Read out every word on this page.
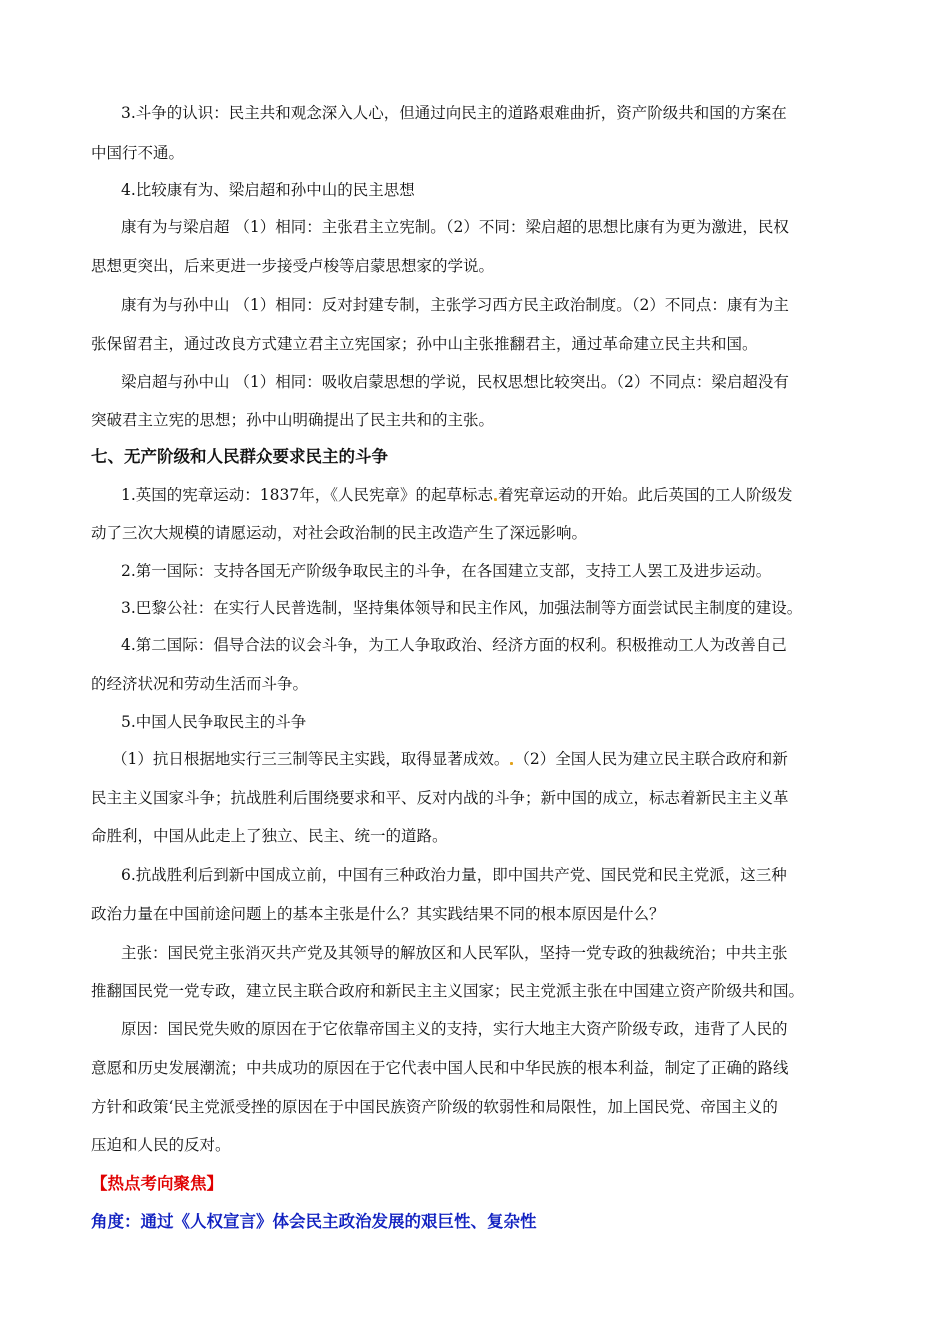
3.斗争的认识：民主共和观念深入人心，但通过向民主的道路艰难曲折，资产阶级共和国的方案在
中国行不通。
4.比较康有为、梁启超和孙中山的民主思想
康有为与梁启超 （1）相同：主张君主立宪制。（2）不同：梁启超的思想比康有为更为激进，民权
思想更突出，后来更进一步接受卢梭等启蒙思想家的学说。
康有为与孙中山 （1）相同：反对封建专制，主张学习西方民主政治制度。（2）不同点：康有为主
张保留君主，通过改良方式建立君主立宪国家；孙中山主张推翻君主，通过革命建立民主共和国。
梁启超与孙中山 （1）相同：吸收启蒙思想的学说，民权思想比较突出。（2）不同点：梁启超没有
突破君主立宪的思想；孙中山明确提出了民主共和的主张。
七、无产阶级和人民群众要求民主的斗争
1.英国的宪章运动：1837年，《人民宪章》的起草标志 着宪章运动的开始。此后英国的工人阶级发
动了三次大规模的请愿运动，对社会政治制的民主改造产生了深远影响。
2.第一国际：支持各国无产阶级争取民主的斗争，在各国建立支部，支持工人罢工及进步运动。
3.巴黎公社：在实行人民普选制，坚持集体领导和民主作风，加强法制等方面尝试民主制度的建设。
4.第二国际：倡导合法的议会斗争，为工人争取政治、经济方面的权利。积极推动工人为改善自己
的经济状况和劳动生活而斗争。
5.中国人民争取民主的斗争
（1）抗日根据地实行三三制等民主实践，取得显著成效。 （2）全国人民为建立民主联合政府和新
民主主义国家斗争；抗战胜利后围绕要求和平、反对内战的斗争；新中国的成立，标志着新民主主义革
命胜利，中国从此走上了独立、民主、统一的道路。
6.抗战胜利后到新中国成立前，中国有三种政治力量，即中国共产党、国民党和民主党派，这三种
政治力量在中国前途问题上的基本主张是什么？其实践结果不同的根本原因是什么？
主张：国民党主张消灭共产党及其领导的解放区和人民军队，坚持一党专政的独裁统治；中共主张
推翻国民党一党专政，建立民主联合政府和新民主主义国家；民主党派主张在中国建立资产阶级共和国。
原因：国民党失败的原因在于它依靠帝国主义的支持，实行大地主大资产阶级专政，违背了人民的
意愿和历史发展潮流；中共成功的原因在于它代表中国人民和中华民族的根本利益，制定了正确的路线
方针和政策‘民主党派受挫的原因在于中国民族资产阶级的软弱性和局限性，加上国民党、帝国主义的
压迫和人民的反对。
【热点考向聚焦】
角度：通过《人权宣言》体会民主政治发展的艰巨性、复杂性
